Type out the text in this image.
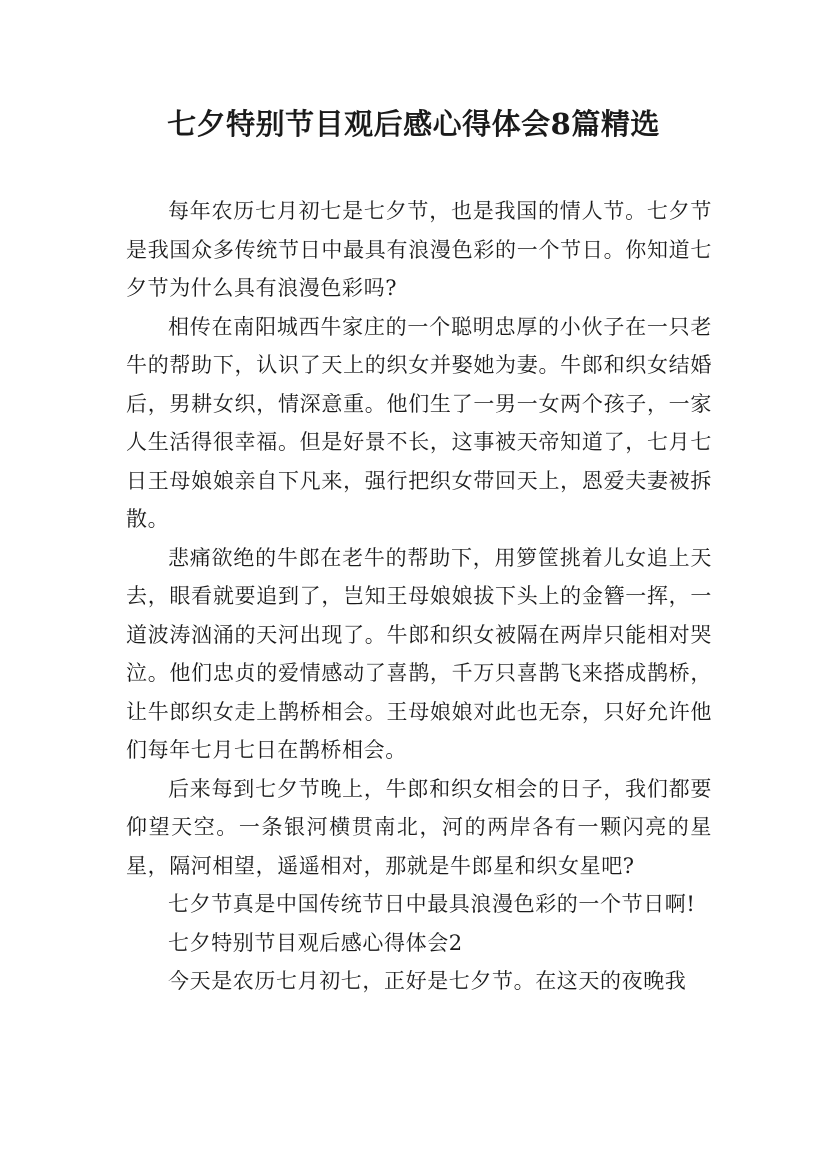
七夕特别节目观后感心得体会8篇精选

每年农历七月初七是七夕节，也是我国的情人节。七夕节是我国众多传统节日中最具有浪漫色彩的一个节日。你知道七夕节为什么具有浪漫色彩吗?

相传在南阳城西牛家庄的一个聪明忠厚的小伙子在一只老牛的帮助下，认识了天上的织女并娶她为妻。牛郎和织女结婚后，男耕女织，情深意重。他们生了一男一女两个孩子，一家人生活得很幸福。但是好景不长，这事被天帝知道了，七月七日王母娘娘亲自下凡来，强行把织女带回天上，恩爱夫妻被拆散。

悲痛欲绝的牛郎在老牛的帮助下，用箩筐挑着儿女追上天去，眼看就要追到了，岂知王母娘娘拔下头上的金簪一挥，一道波涛汹涌的天河出现了。牛郎和织女被隔在两岸只能相对哭泣。他们忠贞的爱情感动了喜鹊，千万只喜鹊飞来搭成鹊桥，让牛郎织女走上鹊桥相会。王母娘娘对此也无奈，只好允许他们每年七月七日在鹊桥相会。

后来每到七夕节晚上，牛郎和织女相会的日子，我们都要仰望天空。一条银河横贯南北，河的两岸各有一颗闪亮的星星，隔河相望，遥遥相对，那就是牛郎星和织女星吧?

七夕节真是中国传统节日中最具浪漫色彩的一个节日啊!

七夕特别节目观后感心得体会2

今天是农历七月初七，正好是七夕节。在这天的夜晚我
